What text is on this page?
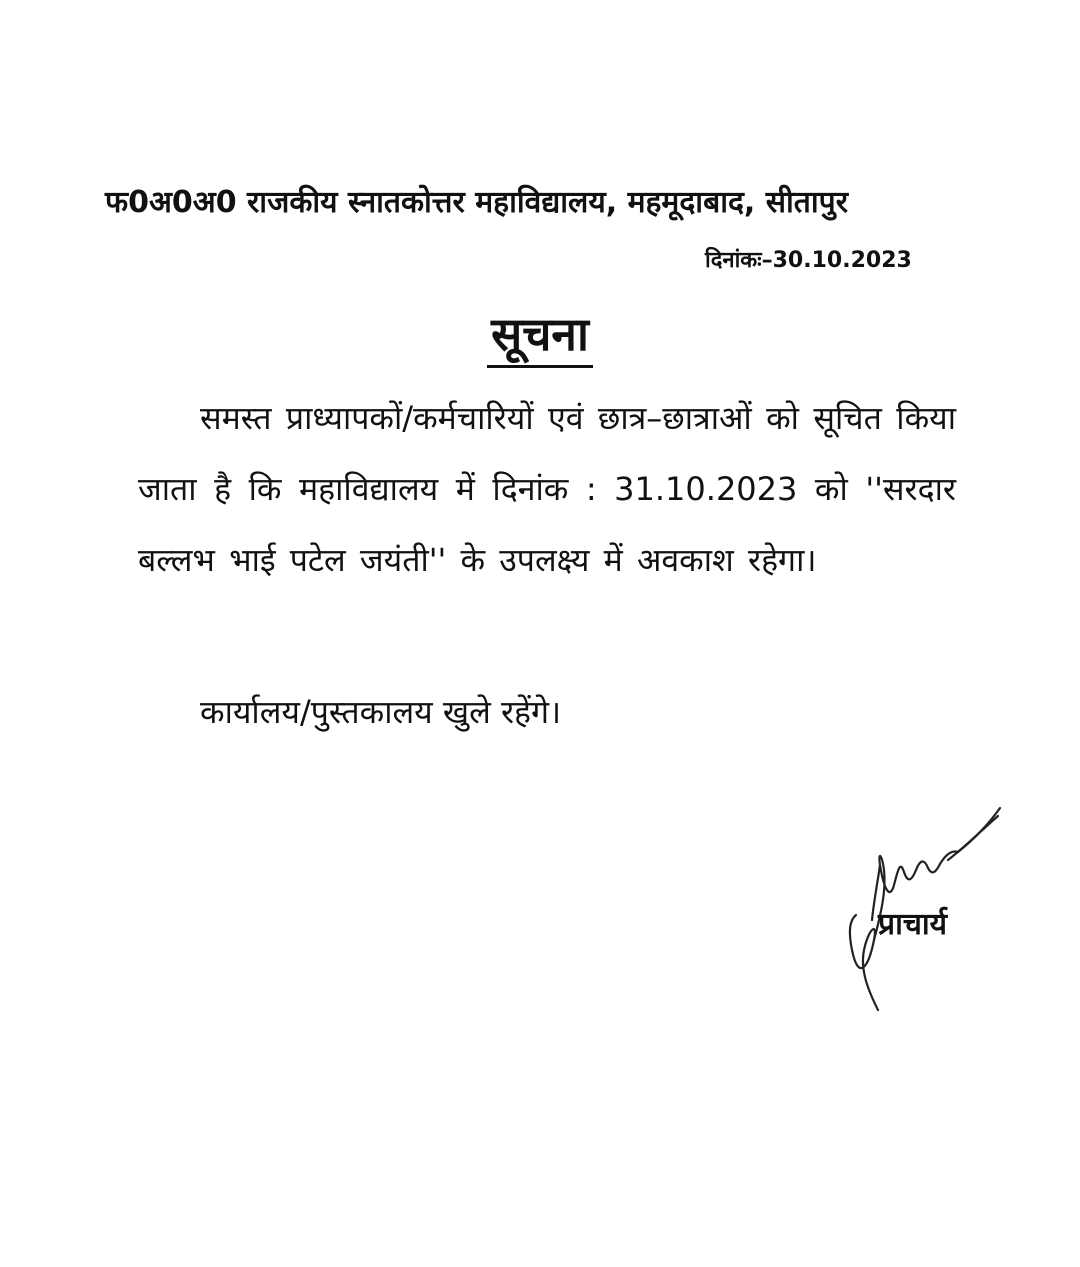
फ0अ0अ0 राजकीय स्नातकोत्तर महाविद्यालय, महमूदाबाद, सीतापुर
दिनांकः–30.10.2023
सूचना
समस्त प्राध्यापकों/कर्मचारियों एवं छात्र–छात्राओं को सूचित किया जाता है कि महाविद्यालय में दिनांक : 31.10.2023 को ''सरदार बल्लभ भाई पटेल जयंती'' के उपलक्ष्य में अवकाश रहेगा।
कार्यालय/पुस्तकालय खुले रहेंगे।
प्राचार्य
